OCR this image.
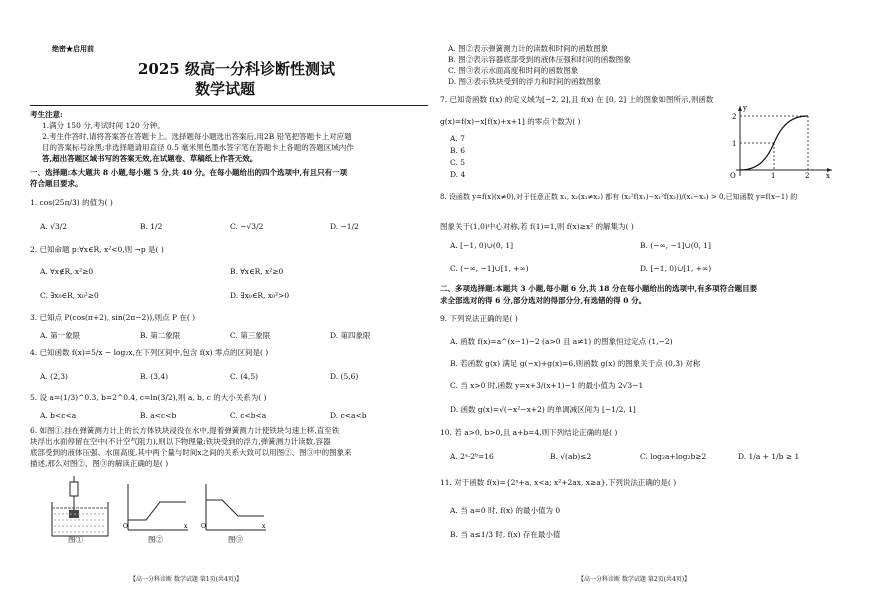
绝密★启用前
2025 级高一分科诊断性测试
数学试题
考生注意:
1.满分 150 分,考试时间 120 分钟。
2.考生作答时,请将答案答在答题卡上。选择题每小题选出答案后,用2B 铅笔把答题卡上对应题
目的答案标号涂黑;非选择题请用直径 0.5 毫米黑色墨水签字笔在答题卡上各题的答题区域内作
答,超出答题区域书写的答案无效,在试题卷、草稿纸上作答无效。
一、选择题:本大题共 8 小题,每小题 5 分,共 40 分。在每小题给出的四个选项中,有且只有一项
符合题目要求。
1. cos(25π/3) 的值为( )
A. √3/2	B. 1/2	C. −√3/2	D. −1/2
2. 已知命题 p:∀x∈R, x²<0,则 ¬p 是( )
A. ∀x∉R, x²≥0	B. ∀x∈R, x²≥0
C. ∃x₀∈R, x₀²≥0	D. ∃x₀∈R, x₀²>0
3. 已知点 P(cos(π+2), sin(2π−2)),则点 P 在( )
A. 第一象限	B. 第二象限	C. 第三象限	D. 第四象限
4. 已知函数 f(x)=5/x − log₂x,在下列区间中,包含 f(x) 零点的区间是( )
A. (2,3)	B. (3,4)	C. (4,5)	D. (5,6)
5. 设 a=(1/3)^0.3, b=2^0.4, c=ln(3/2),则 a, b, c 的大小关系为( )
A. b<c<a	B. a<c<b	C. c<b<a	D. c<a<b
6. 如图①,挂在弹簧测力计上的长方体铁块浸没在水中,提着弹簧测力计使铁块匀速上移,直至铁
块浮出水面停留在空中(不计空气阻力),则以下物理量:铁块受到的浮力,弹簧测力计读数,容器
底部受到的液体压强、水面高度,其中两个量与时间x之间的关系大致可以用图②、图③中的图象来
描述,那么对图②、图③的解读正确的是( )
图①
O	x
图②
O	x
图③
【高一分科诊断 数学试题 第1页(共4页)】
A. 图②表示弹簧测力计的读数和时间的函数图象
B. 图②表示容器底部受到的液体压强和时间的函数图象
C. 图③表示水面高度和时间的函数图象
D. 图③表示铁块受到的浮力和时间的函数图象
7. 已知奇函数 f(x) 的定义域为[−2, 2],且 f(x) 在 [0, 2] 上的图象如图所示,则函数
g(x)=f(x)−x[f(x)+x+1] 的零点个数为( )
A. 7
B. 6
C. 5
D. 4	O	1	2 x
2
1
y
8. 设函数 y=f(x)(x≠0),对于任意正数 x₁, x₂(x₁≠x₂) 都有 (x₂²f(x₁)−x₁²f(x₂))/(x₁−x₂) > 0,已知函数 y=f(x−1) 的
图象关于(1,0)中心对称,若 f(1)=1,则 f(x)≥x² 的解集为( )
A. [−1, 0)∪(0, 1]	B. (−∞, −1]∪(0, 1]
C. (−∞, −1]∪[1, +∞)	D. [−1, 0)∪[1, +∞)
二、多项选择题:本题共 3 小题,每小题 6 分,共 18 分在每小题给出的选项中,有多项符合题目要
求全部选对的得 6 分,部分选对的得部分分,有选错的得 0 分。
9. 下列说法正确的是( )
A. 函数 f(x)=a^(x−1)−2 (a>0 且 a≠1) 的图象恒过定点 (1,−2)
B. 若函数 g(x) 满足 g(−x)+g(x)=6,则函数 g(x) 的图象关于点 (0,3) 对称
C. 当 x>0 时,函数 y=x+3/(x+1)−1 的最小值为 2√3−1
D. 函数 g(x)=√(−x²−x+2) 的单调减区间为 [−1/2, 1]
10. 若 a>0, b>0,且 a+b=4,则下列结论正确的是( )
A. 2ᵃ·2ᵇ=16	B. √(ab)≤2	C. log₂a+log₂b≥2	D. 1/a + 1/b ≥ 1
11. 对于函数 f(x)={2ˣ+a, x<a; x²+2ax, x≥a},下列说法正确的是( )
A. 当 a=0 时, f(x) 的最小值为 0
B. 当 a≤1/3 时, f(x) 存在最小值
【高一分科诊断 数学试题 第2页(共4页)】
